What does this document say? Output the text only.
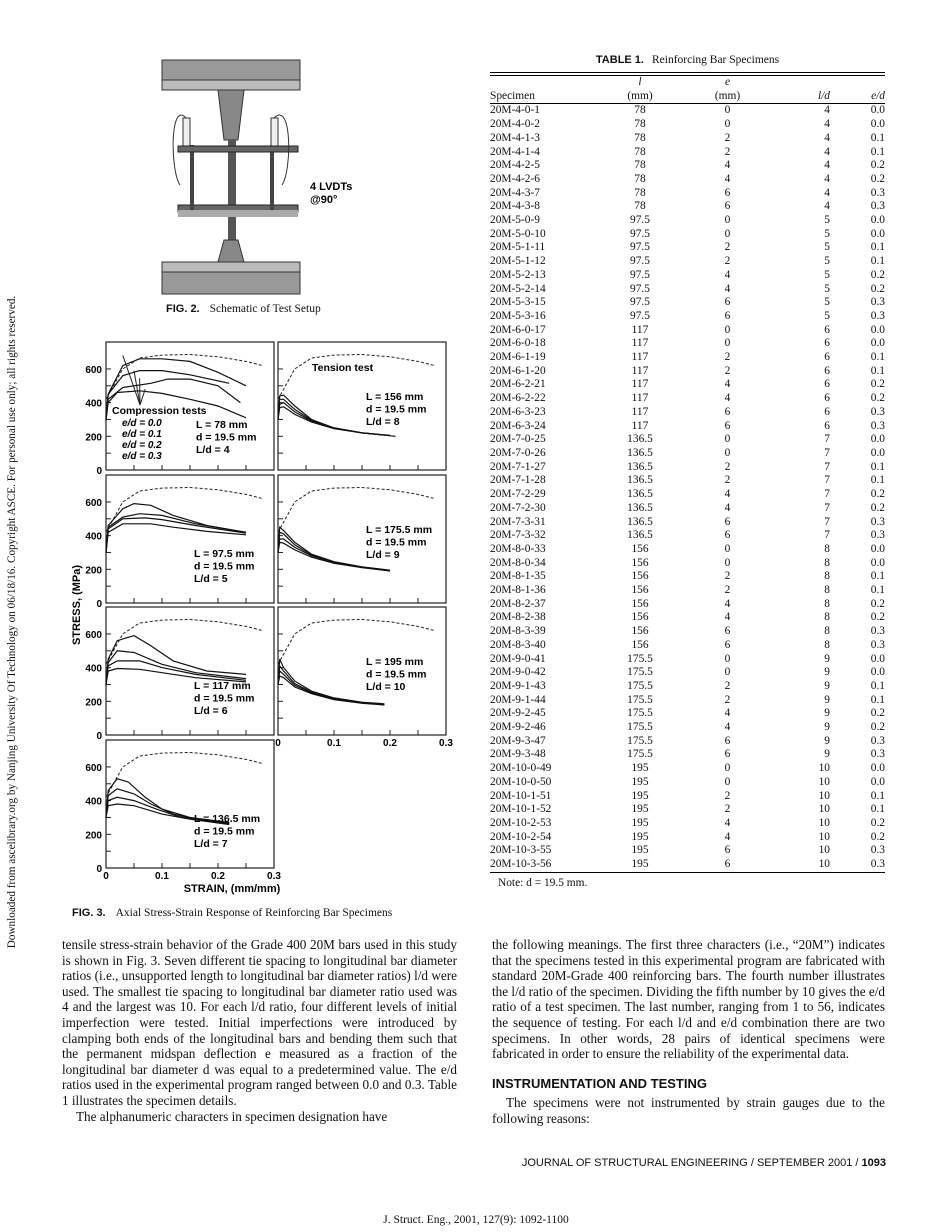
Downloaded from ascelibrary.org by Nanjing University Of Technology on 06/18/16. Copyright ASCE. For personal use only; all rights reserved.
4 LVDTs
@90°
L = 78 mm
d = 19.5 mm
L/d = 4
0
200
400
600
Compression tests
e/d = 0.0
e/d = 0.1
e/d = 0.2
e/d = 0.3
L = 156 mm
d = 19.5 mm
L/d = 8
Tension test
L = 97.5 mm
d = 19.5 mm
L/d = 5
0
200
400
600
L = 175.5 mm
d = 19.5 mm
L/d = 9
L = 117 mm
d = 19.5 mm
L/d = 6
0
200
400
600
L = 195 mm
d = 19.5 mm
L/d = 10
0	0.1	0.2	0.3
L = 136.5 mm
d = 19.5 mm
L/d = 7
0
200
400
600
0	0.1	0.2	0.3
STRESS, (MPa)
STRAIN, (mm/mm)
FIG. 2. Schematic of Test Setup
FIG. 3. Axial Stress-Strain Response of Reinforcing Bar Specimens
TABLE 1. Reinforcing Bar Specimens
	l	e		
Specimen	(mm)	(mm)	l/d	e/d
20M-4-0-1	78	0	4	0.0
20M-4-0-2	78	0	4	0.0
20M-4-1-3	78	2	4	0.1
20M-4-1-4	78	2	4	0.1
20M-4-2-5	78	4	4	0.2
20M-4-2-6	78	4	4	0.2
20M-4-3-7	78	6	4	0.3
20M-4-3-8	78	6	4	0.3
20M-5-0-9	97.5	0	5	0.0
20M-5-0-10	97.5	0	5	0.0
20M-5-1-11	97.5	2	5	0.1
20M-5-1-12	97.5	2	5	0.1
20M-5-2-13	97.5	4	5	0.2
20M-5-2-14	97.5	4	5	0.2
20M-5-3-15	97.5	6	5	0.3
20M-5-3-16	97.5	6	5	0.3
20M-6-0-17	117	0	6	0.0
20M-6-0-18	117	0	6	0.0
20M-6-1-19	117	2	6	0.1
20M-6-1-20	117	2	6	0.1
20M-6-2-21	117	4	6	0.2
20M-6-2-22	117	4	6	0.2
20M-6-3-23	117	6	6	0.3
20M-6-3-24	117	6	6	0.3
20M-7-0-25	136.5	0	7	0.0
20M-7-0-26	136.5	0	7	0.0
20M-7-1-27	136.5	2	7	0.1
20M-7-1-28	136.5	2	7	0.1
20M-7-2-29	136.5	4	7	0.2
20M-7-2-30	136.5	4	7	0.2
20M-7-3-31	136.5	6	7	0.3
20M-7-3-32	136.5	6	7	0.3
20M-8-0-33	156	0	8	0.0
20M-8-0-34	156	0	8	0.0
20M-8-1-35	156	2	8	0.1
20M-8-1-36	156	2	8	0.1
20M-8-2-37	156	4	8	0.2
20M-8-2-38	156	4	8	0.2
20M-8-3-39	156	6	8	0.3
20M-8-3-40	156	6	8	0.3
20M-9-0-41	175.5	0	9	0.0
20M-9-0-42	175.5	0	9	0.0
20M-9-1-43	175.5	2	9	0.1
20M-9-1-44	175.5	2	9	0.1
20M-9-2-45	175.5	4	9	0.2
20M-9-2-46	175.5	4	9	0.2
20M-9-3-47	175.5	6	9	0.3
20M-9-3-48	175.5	6	9	0.3
20M-10-0-49	195	0	10	0.0
20M-10-0-50	195	0	10	0.0
20M-10-1-51	195	2	10	0.1
20M-10-1-52	195	2	10	0.1
20M-10-2-53	195	4	10	0.2
20M-10-2-54	195	4	10	0.2
20M-10-3-55	195	6	10	0.3
20M-10-3-56	195	6	10	0.3
Note: d = 19.5 mm.

tensile stress-strain behavior of the Grade 400 20M bars used in this study is shown in Fig. 3. Seven different tie spacing to longitudinal bar diameter ratios (i.e., unsupported length to longitudinal bar diameter ratios) l/d were used. The smallest tie spacing to longitudinal bar diameter ratio used was 4 and the largest was 10. For each l/d ratio, four different levels of initial imperfection were tested. Initial imperfections were introduced by clamping both ends of the longitudinal bars and bending them such that the permanent midspan deflection e measured as a fraction of the longitudinal bar diameter d was equal to a predetermined value. The e/d ratios used in the experimental program ranged between 0.0 and 0.3. Table 1 illustrates the specimen details.

The alphanumeric characters in specimen designation have

the following meanings. The first three characters (i.e., “20M”) indicates that the specimens tested in this experimental program are fabricated with standard 20M-Grade 400 reinforcing bars. The fourth number illustrates the l/d ratio of the specimen. Dividing the fifth number by 10 gives the e/d ratio of a test specimen. The last number, ranging from 1 to 56, indicates the sequence of testing. For each l/d and e/d combination there are two specimens. In other words, 28 pairs of identical specimens were fabricated in order to ensure the reliability of the experimental data.

INSTRUMENTATION AND TESTING

The specimens were not instrumented by strain gauges due to the following reasons:

JOURNAL OF STRUCTURAL ENGINEERING / SEPTEMBER 2001 / 1093
J. Struct. Eng., 2001, 127(9): 1092-1100
